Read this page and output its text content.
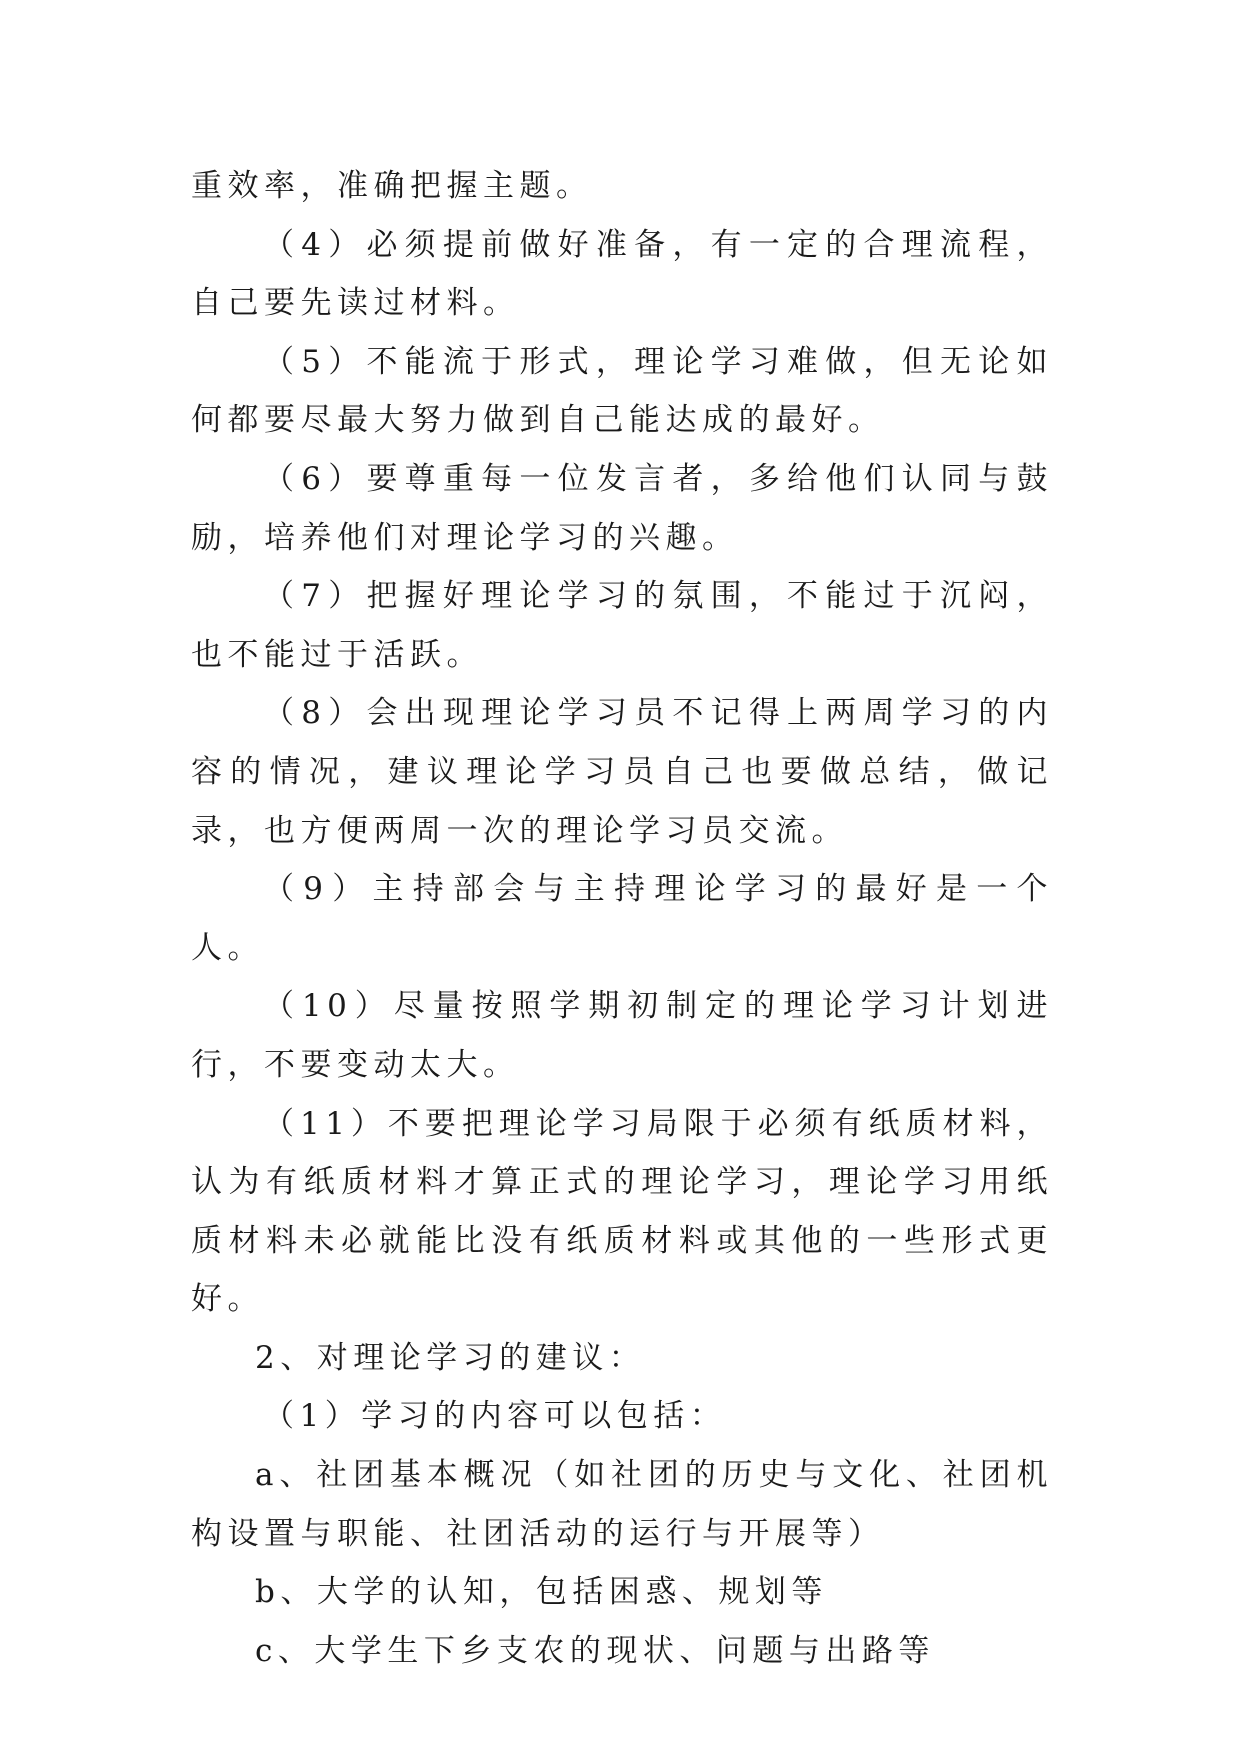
重效率，准确把握主题。

（4）必须提前做好准备，有一定的合理流程，自己要先读过材料。

（5）不能流于形式，理论学习难做，但无论如何都要尽最大努力做到自己能达成的最好。

（6）要尊重每一位发言者，多给他们认同与鼓励，培养他们对理论学习的兴趣。

（7）把握好理论学习的氛围，不能过于沉闷，也不能过于活跃。

（8）会出现理论学习员不记得上两周学习的内容的情况，建议理论学习员自己也要做总结，做记录，也方便两周一次的理论学习员交流。

（9）主持部会与主持理论学习的最好是一个人。

（10）尽量按照学期初制定的理论学习计划进行，不要变动太大。

（11）不要把理论学习局限于必须有纸质材料，认为有纸质材料才算正式的理论学习，理论学习用纸质材料未必就能比没有纸质材料或其他的一些形式更好。

2、对理论学习的建议：

（1）学习的内容可以包括：

a、社团基本概况（如社团的历史与文化、社团机构设置与职能、社团活动的运行与开展等）

b、大学的认知，包括困惑、规划等

c、大学生下乡支农的现状、问题与出路等
